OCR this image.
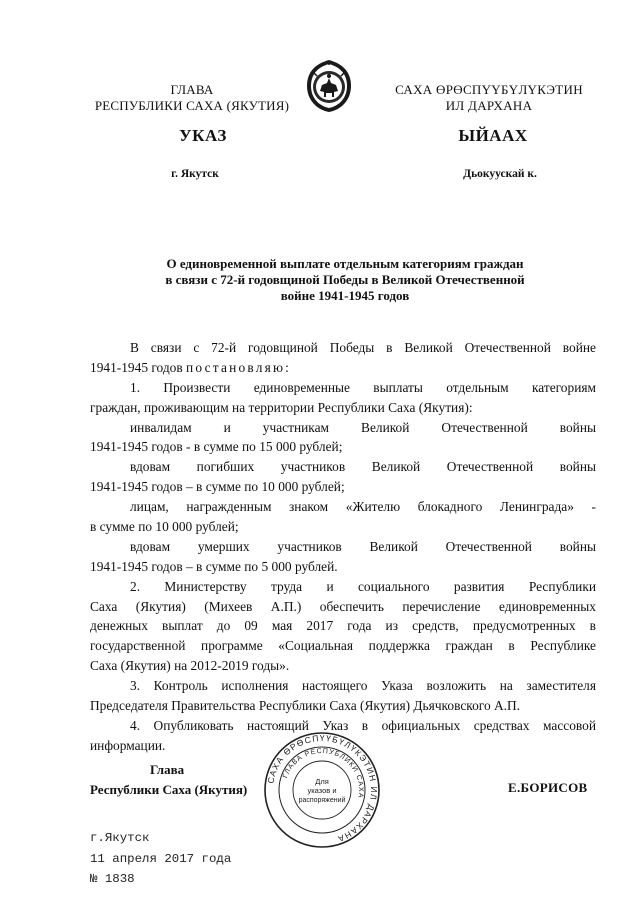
ГЛАВА
РЕСПУБЛИКИ САХА (ЯКУТИЯ)
САХА ӨРӨСПҮҮБҮЛҮКЭТИН
ИЛ ДАРХАНА
УКАЗ	ЫЙААХ
г. Якутск	Дьокуускай к.
О единовременной выплате отдельным категориям граждан
в связи с 72-й годовщиной Победы в Великой Отечественной
войне 1941-1945 годов
В связи с 72-й годовщиной Победы в Великой Отечественной войне
1941-1945 годов постановляю:
1. Произвести единовременные выплаты отдельным категориям
граждан, проживающим на территории Республики Саха (Якутия):
инвалидам и участникам Великой Отечественной войны
1941-1945 годов - в сумме по 15 000 рублей;
вдовам погибших участников Великой Отечественной войны
1941-1945 годов – в сумме по 10 000 рублей;
лицам, награжденным знаком «Жителю блокадного Ленинграда» -
в сумме по 10 000 рублей;
вдовам умерших участников Великой Отечественной войны
1941-1945 годов – в сумме по 5 000 рублей.
2. Министерству труда и социального развития Республики
Саха (Якутия) (Михеев А.П.) обеспечить перечисление единовременных
денежных выплат до 09 мая 2017 года из средств, предусмотренных в
государственной программе «Социальная поддержка граждан в Республике
Саха (Якутия) на 2012-2019 годы».
3. Контроль исполнения настоящего Указа возложить на заместителя
Председателя Правительства Республики Саха (Якутия) Дьячковского А.П.
4. Опубликовать настоящий Указ в официальных средствах массовой
информации.
САХА ӨРӨСПҮҮБҮЛҮКЭТИН ИЛ ДАРХАНА
ГЛАВА РЕСПУБЛИКИ САХА
Для
указов и
распоряжений
Глава
Республики Саха (Якутия)	Е.БОРИСОВ
г.Якутск
11 апреля 2017 года
№ 1838
